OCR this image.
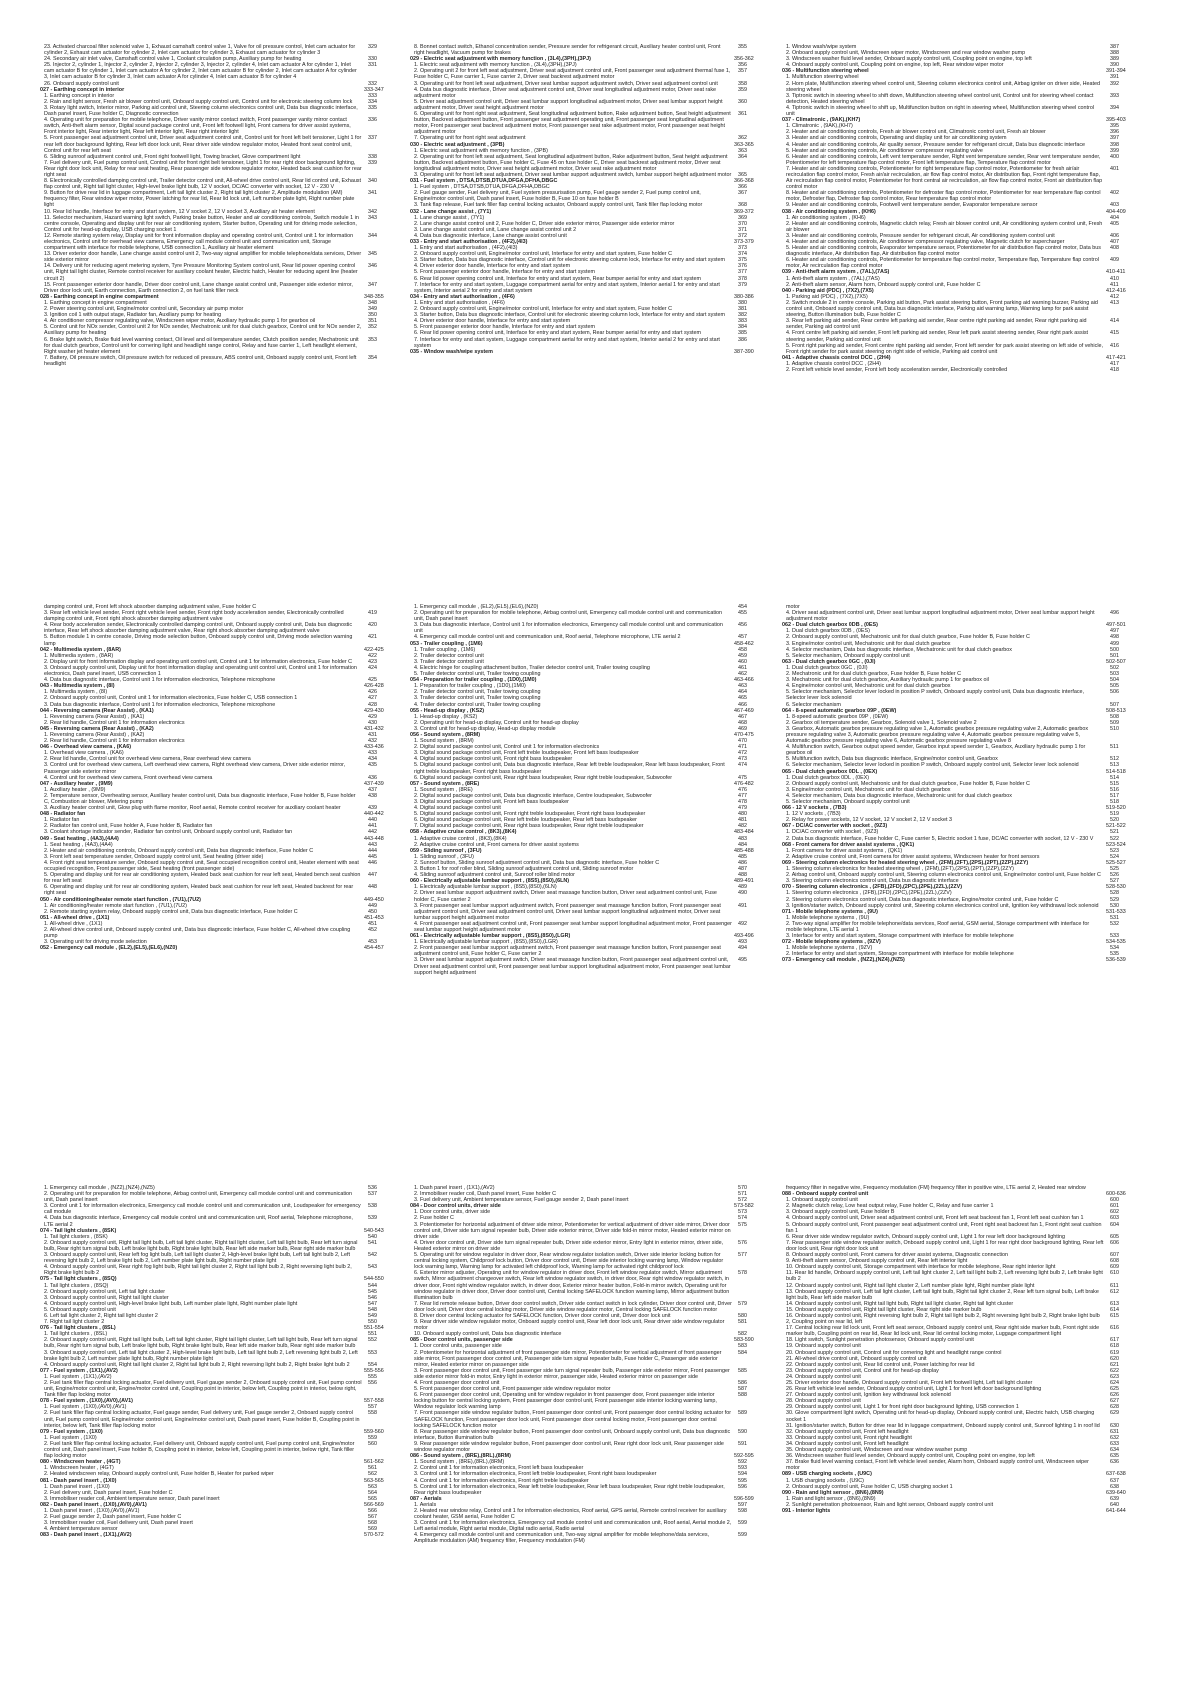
23. Activated charcoal filter solenoid valve 1, Exhaust camshaft control valve 1, Valve for oil pressure control, Inlet cam actuator for cylinder 2, Exhaust cam actuator for cylinder 2, Inlet cam actuator for cylinder 3, Exhaust cam actuator for cylinder 3
329
24. Secondary air inlet valve, Camshaft control valve 1, Coolant circulation pump, Auxiliary pump for heating	330
25. Injector 2, cylinder 1, Injector 2, cylinder 2, Injector 2, cylinder 3, Injector 2, cylinder 4, Inlet cam actuator A for cylinder 1, Inlet cam actuator B for cylinder 1, Inlet cam actuator A for cylinder 2, Inlet cam actuator B for cylinder 2, Inlet cam actuator A for cylinder 3, Inlet cam actuator B for cylinder 3, Inlet cam actuator A for cylinder 4, Inlet cam actuator B for cylinder 4
331
26. Onboard supply control unit	332
027 - Earthing concept in interior	333-347
1. Earthing concept in interior	333
2. Rain and light sensor, Fresh air blower control unit, Onboard supply control unit, Control unit for electronic steering column lock	334
3. Rotary light switch, Interior mirror, Parking aid control unit, Steering column electronics control unit, Data bus diagnostic interface, Dash panel insert, Fuse holder C, Diagnostic connection
335
4. Operating unit for preparation for mobile telephone, Driver vanity mirror contact switch, Front passenger vanity mirror contact switch, Anti-theft alarm sensor, Digital sound package control unit, Front left footwell light, Front camera for driver assist systems, Front interior light, Rear interior light, Rear left interior light, Rear right interior light
336
5. Front passenger seat adjustment control unit, Driver seat adjustment control unit, Control unit for front left belt tensioner, Light 1 for rear left door background lighting, Rear left door lock unit, Rear driver side window regulator motor, Heated front seat control unit, Control unit for rear left seat
337
6. Sliding sunroof adjustment control unit, Front right footwell light, Towing bracket, Glove compartment light	338
7. Fuel delivery unit, Fuel pump control unit, Control unit for front right belt tensioner, Light 1 for rear right door background lighting, Rear right door lock unit, Relay for rear seat heating, Rear passenger side window regulator motor, Heated back seat cushion for rear right seat
339
8. Electronically controlled damping control unit, Trailer detector control unit, All-wheel drive control unit, Rear lid control unit, Exhaust flap control unit, Right tail light cluster, High-level brake light bulb, 12 V socket, DC/AC converter with socket, 12 V - 230 V
340
9. Button for drive rear lid in luggage compartment, Left tail light cluster 2, Right tail light cluster 2, Amplitude modulation (AM) frequency filter, Rear window wiper motor, Power latching for rear lid, Rear lid lock unit, Left number plate light, Right number plate light
341
10. Rear lid handle, Interface for entry and start system, 12 V socket 2, 12 V socket 3, Auxiliary air heater element	342
11. Selector mechanism, Hazard warning light switch, Parking brake button, Heater and air conditioning controls, Switch module 1 in centre console, Operating and display unit for rear air conditioning system, Starter button, Operating unit for driving mode selection, Control unit for head-up display, USB charging socket 1
343
12. Remote starting system relay, Display unit for front information display and operating control unit, Control unit 1 for information electronics, Control unit for overhead view camera, Emergency call module control unit and communication unit, Storage compartment with interface for mobile telephone, USB connection 1, Auxiliary air heater element
344
13. Driver exterior door handle, Lane change assist control unit 2, Two-way signal amplifier for mobile telephone/data services, Driver side exterior mirror
345
14. Delivery unit for reducing agent metering system, Tyre Pressure Monitoring System control unit, Rear lid power opening control unit, Right tail light cluster, Remote control receiver for auxiliary coolant heater, Electric hatch, Heater for reducing agent line (heater circuit 2)
346
15. Front passenger exterior door handle, Driver door control unit, Lane change assist control unit, Passenger side exterior mirror, Driver door lock unit, Earth connection, Earth connection 2, on fuel tank filler neck
347
028 - Earthing concept in engine compartment	348-355
1. Earthing concept in engine compartment	348
2. Power steering control unit, Engine/motor control unit, Secondary air pump motor	349
3. Ignition coil 1 with output stage, Radiator fan, Auxiliary pump for heating	350
4. Air conditioner compressor regulating valve, Windscreen wiper motor, Auxiliary hydraulic pump 1 for gearbox oil	351
5. Control unit for NOx sender, Control unit 2 for NOx sender, Mechatronic unit for dual clutch gearbox, Control unit for NOx sender 2, Auxiliary pump for heating
352
6. Brake light switch, Brake fluid level warning contact, Oil level and oil temperature sender, Clutch position sender, Mechatronic unit for dual clutch gearbox, Control unit for cornering light and headlight range control, Relay and fuse carrier 1, Left headlight element, Right washer jet heater element
353
7. Battery, Oil pressure switch, Oil pressure switch for reduced oil pressure, ABS control unit, Onboard supply control unit, Front left headlight
354
8. Bonnet contact switch, Ethanol concentration sender, Pressure sender for refrigerant circuit, Auxiliary heater control unit, Front right headlight, Vacuum pump for brakes
355
029 - Electric seat adjustment with memory function , (3L4),(3PH),(3PJ)	356-362
1. Electric seat adjustment with memory function , (3L4),(3PH),(3PJ)	356
2. Operating unit 2 for front left seat adjustment, Driver seat adjustment control unit, Front passenger seat adjustment thermal fuse 1, Fuse holder C, Fuse carrier 1, Fuse carrier 2, Driver seat backrest adjustment motor
357
3. Operating unit for front left seat adjustment, Driver seat lumbar support adjustment switch, Driver seat adjustment control unit	358
4. Data bus diagnostic interface, Driver seat adjustment control unit, Driver seat longitudinal adjustment motor, Driver seat rake adjustment motor
359
5. Driver seat adjustment control unit, Driver seat lumbar support longitudinal adjustment motor, Driver seat lumbar support height adjustment motor, Driver seat height adjustment motor
360
6. Operating unit for front right seat adjustment, Seat longitudinal adjustment button, Rake adjustment button, Seat height adjustment button, Backrest adjustment button, Front passenger seat adjustment operating unit, Front passenger seat longitudinal adjustment motor, Front passenger seat backrest adjustment motor, Front passenger seat rake adjustment motor, Front passenger seat height adjustment motor
361
7. Operating unit for front right seat adjustment	362
030 - Electric seat adjustment , (3PB)	363-365
1. Electric seat adjustment with memory function , (3PB)	363
2. Operating unit for front left seat adjustment, Seat longitudinal adjustment button, Rake adjustment button, Seat height adjustment button, Backrest adjustment button, Fuse holder C, Fuse 45 on fuse holder C, Driver seat backrest adjustment motor, Driver seat longitudinal adjustment motor, Driver seat height adjustment motor, Driver seat rake adjustment motor
364
3. Operating unit for front left seat adjustment, Driver seat lumbar support adjustment switch, lumbar support height adjustment motor	365
031 - Fuel system , DTSA,DTSB,DTUA,DFGA,DFHA,DBGC	366-368
1. Fuel system , DTSA,DTSB,DTUA,DFGA,DFHA,DBGC	366
2. Fuel gauge sender, Fuel delivery unit, Fuel system pressurisation pump, Fuel gauge sender 2, Fuel pump control unit, Engine/motor control unit, Dash panel insert, Fuse holder B, Fuse 10 on fuse holder B
367
3. Tank flap release, Fuel tank filler flap central locking actuator, Onboard supply control unit, Tank filler flap locking motor	368
032 - Lane change assist , (7Y1)	369-372
1. Lane change assist , (7Y1)	369
2. Lane change assist control unit 2, Fuse holder C, Driver side exterior mirror, Passenger side exterior mirror	370
3. Lane change assist control unit, Lane change assist control unit 2	371
4. Data bus diagnostic interface, Lane change assist control unit	372
033 - Entry and start authorisation , (4F2),(4I3)	373-379
1. Entry and start authorisation , (4F2),(4I3)	373
2. Onboard supply control unit, Engine/motor control unit, Interface for entry and start system, Fuse holder C	374
3. Starter button, Data bus diagnostic interface, Control unit for electronic steering column lock, Interface for entry and start system	375
4. Driver exterior door handle, Interface for entry and start system	376
5. Front passenger exterior door handle, Interface for entry and start system	377
6. Rear lid power opening control unit, Interface for entry and start system, Rear bumper aerial for entry and start system	378
7. Interface for entry and start system, Luggage compartment aerial for entry and start system, Interior aerial 1 for entry and start system, Interior aerial 2 for entry and start system
379
034 - Entry and start authorisation , (4F6)	380-386
1. Entry and start authorisation , (4F6)	380
2. Onboard supply control unit, Engine/motor control unit, Interface for entry and start system, Fuse holder C	381
3. Starter button, Data bus diagnostic interface, Control unit for electronic steering column lock, Interface for entry and start system	382
4. Driver exterior door handle, Interface for entry and start system	383
5. Front passenger exterior door handle, Interface for entry and start system	384
6. Rear lid power opening control unit, Interface for entry and start system, Rear bumper aerial for entry and start system	385
7. Interface for entry and start system, Luggage compartment aerial for entry and start system, Interior aerial 2 for entry and start system
386
035 - Window wash/wipe system	387-390
1. Window wash/wipe system	387
2. Onboard supply control unit, Windscreen wiper motor, Windscreen and rear window washer pump	388
3. Windscreen washer fluid level sender, Onboard supply control unit, Coupling point on engine, top left	389
4. Onboard supply control unit, Coupling point on engine, top left, Rear window wiper motor	390
036 - Multifunction steering wheel	391-394
1. Multifunction steering wheel	391
2. Horn plate, Multifunction steering wheel control unit, Steering column electronics control unit, Airbag igniter on driver side, Heated steering wheel
392
3. Tiptronic switch in steering wheel to shift down, Multifunction steering wheel control unit, Control unit for steering wheel contact detection, Heated steering wheel
393
4. Tiptronic switch in steering wheel to shift up, Multifunction button on right in steering wheel, Multifunction steering wheel control unit
394
037 - Climatronic , (9AK),(KH7)	395-403
1. Climatronic , (9AK),(KH7)	395
2. Heater and air conditioning controls, Fresh air blower control unit, Climatronic control unit, Fresh air blower	396
3. Heater and air conditioning controls, Operating and display unit for air conditioning system	397
4. Heater and air conditioning controls, Air quality sensor, Pressure sender for refrigerant circuit, Data bus diagnostic interface	398
5. Heater and air conditioning controls, Air conditioner compressor regulating valve	399
6. Heater and air conditioning controls, Left vent temperature sender, Right vent temperature sender, Rear vent temperature sender, Potentiometer for left temperature flap control motor, Front left temperature flap, Temperature flap control motor
400
7. Heater and air conditioning controls, Potentiometer for right temperature flap control motor, Potentiometer for fresh air/air recirculation flap control motor, Fresh air/air recirculation, air flow flap control motor, Air distribution flap, Front right temperature flap, Air recirculation flap control motor, Potentiometer for front central air recirculation, air flow flap control motor, Front air distribution flap control motor
401
8. Heater and air conditioning controls, Potentiometer for defroster flap control motor, Potentiometer for rear temperature flap control motor, Defroster flap, Defroster flap control motor, Rear temperature flap control motor
402
9. Heater and air conditioning controls, Footwell vent temperature sender, Evaporator temperature sensor	403
038 - Air conditioning system , (KH6)	404-409
1. Air conditioning system , (KH6)	404
2. Heater and air conditioning controls, Magnetic clutch relay, Fresh air blower control unit, Air conditioning system control unit, Fresh air blower
405
3. Heater and air conditioning controls, Pressure sender for refrigerant circuit, Air conditioning system control unit	406
4. Heater and air conditioning controls, Air conditioner compressor regulating valve, Magnetic clutch for supercharger	407
5. Heater and air conditioning controls, Evaporator temperature sensor, Potentiometer for air distribution flap control motor, Data bus diagnostic interface, Air distribution flap, Air distribution flap control motor
408
6. Heater and air conditioning controls, Potentiometer for temperature flap control motor, Temperature flap, Temperature flap control motor, Air recirculation flap control motor
409
039 - Anti-theft alarm system , (7AL),(7AS)	410-411
1. Anti-theft alarm system , (7AL),(7AS)	410
2. Anti-theft alarm sensor, Alarm horn, Onboard supply control unit, Fuse holder C	411
040 - Parking aid (PDC) , (7X2),(7X5)	412-416
1. Parking aid (PDC) , (7X2),(7X5)	412
2. Switch module 2 in centre console, Parking aid button, Park assist steering button, Front parking aid warning buzzer, Parking aid control unit, Onboard supply control unit, Data bus diagnostic interface, Parking aid warning lamp, Warning lamp for park assist steering, Button illumination bulb, Fuse holder C
413
3. Rear left parking aid sender, Rear centre left parking aid sender, Rear centre right parking aid sender, Rear right parking aid sender, Parking aid control unit
414
4. Front centre left parking aid sender, Front left parking aid sender, Rear left park assist steering sender, Rear right park assist steering sender, Parking aid control unit
415
5. Front right parking aid sender, Front centre right parking aid sender, Front left sender for park assist steering on left side of vehicle, Front right sender for park assist steering on right side of vehicle, Parking aid control unit
416
041 - Adaptive chassis control DCC , (2H4)	417-421
1. Adaptive chassis control DCC , (2H4)	417
2. Front left vehicle level sender, Front left body acceleration sender, Electronically controlled	418
damping control unit, Front left shock absorber damping adjustment valve, Fuse holder C
3. Rear left vehicle level sender, Front right vehicle level sender, Front right body acceleration sender, Electronically controlled damping control unit, Front right shock absorber damping adjustment valve
419
4. Rear body acceleration sender, Electronically controlled damping control unit, Onboard supply control unit, Data bus diagnostic interface, Rear left shock absorber damping adjustment valve, Rear right shock absorber damping adjustment valve
420
5. Button module 1 in centre console, Driving mode selection button, Onboard supply control unit, Driving mode selection warning lamp
421
042 - Multimedia system , (8AR)	422-425
1. Multimedia system , (8AR)	422
2. Display unit for front information display and operating unit control unit, Control unit 1 for information electronics, Fuse holder C	423
3. Onboard supply control unit, Display unit for front information display and operating unit control unit, Control unit 1 for information electronics, Dash panel insert, USB connection 1
424
4. Data bus diagnostic interface, Control unit 1 for information electronics, Telephone microphone	425
043 - Multimedia system , (8I)	426-428
1. Multimedia system , (8I)	426
2. Onboard supply control unit, Control unit 1 for information electronics, Fuse holder C, USB connection 1	427
3. Data bus diagnostic interface, Control unit 1 for information electronics, Telephone microphone	428
044 - Reversing camera (Rear Assist) , (KA1)	429-430
1. Reversing camera (Rear Assist) , (KA1)	429
2. Rear lid handle, Control unit 1 for information electronics	430
045 - Reversing camera (Rear Assist) , (KA2)	431-432
1. Reversing camera (Rear Assist) , (KA2)	431
2. Rear lid handle, Control unit 1 for information electronics	432
046 - Overhead view camera , (KA6)	433-436
1. Overhead view camera , (KA6)	433
2. Rear lid handle, Control unit for overhead view camera, Rear overhead view camera	434
3. Control unit for overhead view camera, Left overhead view camera, Right overhead view camera, Driver side exterior mirror, Passenger side exterior mirror
435
4. Control unit for overhead view camera, Front overhead view camera	436
047 - Auxiliary heater , (9M9)	437-439
1. Auxiliary heater , (9M9)	437
2. Temperature sensor, Overheating sensor, Auxiliary heater control unit, Data bus diagnostic interface, Fuse holder B, Fuse holder C, Combustion air blower, Metering pump
438
3. Auxiliary heater control unit, Glow plug with flame monitor, Roof aerial, Remote control receiver for auxiliary coolant heater	439
048 - Radiator fan	440-442
1. Radiator fan	440
2. Radiator fan control unit, Fuse holder A, Fuse holder B, Radiator fan	441
3. Coolant shortage indicator sender, Radiator fan control unit, Onboard supply control unit, Radiator fan	442
049 - Seat heating , (4A3),(4A4)	443-448
1. Seat heating , (4A3),(4A4)	443
2. Heater and air conditioning controls, Onboard supply control unit, Data bus diagnostic interface, Fuse holder C	444
3. Front left seat temperature sender, Onboard supply control unit, Seat heating (driver side)	445
4. Front right seat temperature sender, Onboard supply control unit, Seat occupied recognition control unit, Heater element with seat occupied recognition, Front passenger side, Seat heating (front passenger side)
446
5. Operating and display unit for rear air conditioning system, Heated back seat cushion for rear left seat, Heated bench seat cushion for rear left seat
447
6. Operating and display unit for rear air conditioning system, Heated back seat cushion for rear left seat, Heated backrest for rear right seat
448
050 - Air conditioning/heater remote start function , (7U1),(7U2)	449-450
1. Air conditioning/heater remote start function , (7U1),(7U2)	449
2. Remote starting system relay, Onboard supply control unit, Data bus diagnostic interface, Fuse holder C	450
051 - All-wheel drive , (1X1)	451-453
1. All-wheel drive , (1X1)	451
2. All-wheel drive control unit, Onboard supply control unit, Data bus diagnostic interface, Fuse holder C, All-wheel drive coupling pump
452
3. Operating unit for driving mode selection	453
052 - Emergency call module , (EL2),(EL5),(EL6),(NZ0)	454-457
1. Emergency call module , (EL2),(EL5),(EL6),(NZ0)	454
2. Operating unit for preparation for mobile telephone, Airbag control unit, Emergency call module control unit and communication unit, Dash panel insert
455
3. Data bus diagnostic interface, Control unit 1 for information electronics, Emergency call module control unit and communication unit
456
4. Emergency call module control unit and communication unit, Roof aerial, Telephone microphone, LTE aerial 2	457
053 - Trailer coupling , (1M6)	458-462
1. Trailer coupling , (1M6)	458
2. Trailer detector control unit	459
3. Trailer detector control unit	460
4. Electric hinge for coupling attachment button, Trailer detector control unit, Trailer towing coupling	461
5. Trailer detector control unit, Trailer towing coupling	462
054 - Preparation for trailer coupling , (1D0),(1M0)	463-466
1. Preparation for trailer coupling , (1D0),(1M0)	463
2. Trailer detector control unit, Trailer towing coupling	464
3. Trailer detector control unit, Trailer towing coupling	465
4. Trailer detector control unit, Trailer towing coupling	466
055 - Head-up display , (KS2)	467-469
1. Head-up display , (KS2)	467
2. Operating unit for head-up display, Control unit for head-up display	468
3. Control unit for head-up display, Head-up display module	469
056 - Sound system , (8RM)	470-475
1. Sound system , (8RM)	470
2. Digital sound package control unit, Control unit 1 for information electronics	471
3. Digital sound package control unit, Front left treble loudspeaker, Front left bass loudspeaker	472
4. Digital sound package control unit, Front right bass loudspeaker	473
5. Digital sound package control unit, Data bus diagnostic interface, Rear left treble loudspeaker, Rear left bass loudspeaker, Front right treble loudspeaker, Front right bass loudspeaker
474
6. Digital sound package control unit, Rear right bass loudspeaker, Rear right treble loudspeaker, Subwoofer	475
057 - Sound system , (8RE)	476-482
1. Sound system , (8RE)	476
2. Digital sound package control unit, Data bus diagnostic interface, Centre loudspeaker, Subwoofer	477
3. Digital sound package control unit, Front left bass loudspeaker	478
4. Digital sound package control unit	479
5. Digital sound package control unit, Front right treble loudspeaker, Front right bass loudspeaker	480
6. Digital sound package control unit, Rear left treble loudspeaker, Rear left bass loudspeaker	481
7. Digital sound package control unit, Rear right bass loudspeaker, Rear right treble loudspeaker	482
058 - Adaptive cruise control , (8K3),(8K4)	483-484
1. Adaptive cruise control , (8K3),(8K4)	483
2. Adaptive cruise control unit, Front camera for driver assist systems	484
059 - Sliding sunroof , (3FU)	485-488
1. Sliding sunroof , (3FU)	485
2. Sunroof button, Sliding sunroof adjustment control unit, Data bus diagnostic interface, Fuse holder C	486
3. Button 1 for roof roller blind, Sliding sunroof adjustment control unit, Sliding sunroof motor	487
4. Sliding sunroof adjustment control unit, Sunroof roller blind motor	488
060 - Electrically adjustable lumbar support , (8S5),(8S0),(6LN)	489-491
1. Electrically adjustable lumbar support , (8S5),(8S0),(6LN)	489
2. Driver seat lumbar support adjustment switch, Driver seat massage function button, Driver seat adjustment control unit, Fuse holder C, Fuse carrier 2
490
3. Front passenger seat lumbar support adjustment switch, Front passenger seat massage function button, Front passenger seat adjustment control unit, Driver seat adjustment control unit, Driver seat lumbar support longitudinal adjustment motor, Driver seat lumbar support height adjustment motor
491
4. Front passenger seat adjustment control unit, Front passenger seat lumbar support longitudinal adjustment motor, Front passenger seat lumbar support height adjustment motor
492
061 - Electrically adjustable lumbar support , (8S5),(8S0),(LGR)	493-496
1. Electrically adjustable lumbar support , (8S5),(8S0),(LGR)	493
2. Front passenger seat lumbar support adjustment switch, Front passenger seat massage function button, Front passenger seat adjustment control unit, Fuse holder C, Fuse carrier 2
494
3. Driver seat lumbar support adjustment switch, Driver seat massage function button, Front passenger seat adjustment control unit, Driver seat adjustment control unit, Front passenger seat lumbar support longitudinal adjustment motor, Front passenger seat lumbar support height adjustment
495
motor
4. Driver seat adjustment control unit, Driver seat lumbar support longitudinal adjustment motor, Driver seat lumbar support height adjustment motor
496
062 - Dual clutch gearbox 0DB , (0ES)	497-501
1. Dual clutch gearbox 0DB , (0ES)	497
2. Onboard supply control unit, Mechatronic unit for dual clutch gearbox, Fuse holder B, Fuse holder C	498
3. Engine/motor control unit, Mechatronic unit for dual clutch gearbox	499
4. Selector mechanism, Data bus diagnostic interface, Mechatronic unit for dual clutch gearbox	500
5. Selector mechanism, Onboard supply control unit	501
063 - Dual clutch gearbox 0GC , (0JI)	502-507
1. Dual clutch gearbox 0GC , (0JI)	502
2. Mechatronic unit for dual clutch gearbox, Fuse holder B, Fuse holder C	503
3. Mechatronic unit for dual clutch gearbox, Auxiliary hydraulic pump 1 for gearbox oil	504
4. Engine/motor control unit, Mechatronic unit for dual clutch gearbox	505
5. Selector mechanism, Selector lever locked in position P switch, Onboard supply control unit, Data bus diagnostic interface, Selector lever lock solenoid
506
6. Selector mechanism	507
064 - 8-speed automatic gearbox 09P , (0EW)	508-513
1. 8-speed automatic gearbox 09P , (0EW)	508
2. Gearbox oil temperature sender, Gearbox, Solenoid valve 1, Solenoid valve 2	509
3. Gearbox, Automatic gearbox pressure regulating valve 1, Automatic gearbox pressure regulating valve 2, Automatic gearbox pressure regulating valve 3, Automatic gearbox pressure regulating valve 4, Automatic gearbox pressure regulating valve 5, Automatic gearbox pressure regulating valve 6, Automatic gearbox pressure regulating valve 8
510
4. Multifunction switch, Gearbox output speed sender, Gearbox input speed sender 1, Gearbox, Auxiliary hydraulic pump 1 for gearbox oil
511
5. Multifunction switch, Data bus diagnostic interface, Engine/motor control unit, Gearbox	512
6. Selector mechanism, Selector lever locked in position P switch, Onboard supply control unit, Selector lever lock solenoid	513
065 - Dual clutch gearbox 0DL , (0EX)	514-518
1. Dual clutch gearbox 0DL , (0EX)	514
2. Onboard supply control unit, Mechatronic unit for dual clutch gearbox, Fuse holder B, Fuse holder C	515
3. Engine/motor control unit, Mechatronic unit for dual clutch gearbox	516
4. Selector mechanism, Data bus diagnostic interface, Mechatronic unit for dual clutch gearbox	517
5. Selector mechanism, Onboard supply control unit	518
066 - 12 V sockets , (7B3)	519-520
1. 12 V sockets , (7B3)	519
2. Relay for power sockets, 12 V socket, 12 V socket 2, 12 V socket 3	520
067 - DC/AC converter with socket , (9Z3)	521-522
1. DC/AC converter with socket , (9Z3)	521
2. Data bus diagnostic interface, Fuse holder C, Fuse carrier 5, Electric socket 1 fuse, DC/AC converter with socket, 12 V - 230 V	522
068 - Front camera for driver assist systems , (QK1)	523-524
1. Front camera for driver assist systems , (QK1)	523
2. Adaptive cruise control unit, Front camera for driver assist systems, Windscreen heater for front sensors	524
069 - Steering column electronics for heated steering wheel , (2FM),(2FT),(2PS),(2PT),(2ZP),(2ZY)	525-527
1. Steering column electronics for heated steering wheel , (2FM),(2FT),(2PS),(2PT),(2ZP),(2ZY)	525
2. Airbag control unit, Onboard supply control unit, Steering column electronics control unit, Engine/motor control unit, Fuse holder C	526
3. Steering column electronics control unit, Data bus diagnostic interface	527
070 - Steering column electronics , (2FB),(2FD),(2PC),(2PE),(2ZL),(2ZV)	528-530
1. Steering column electronics , (2FB),(2FD),(2PC),(2PE),(2ZL),(2ZV)	528
2. Steering column electronics control unit, Data bus diagnostic interface, Engine/motor control unit, Fuse holder C	529
3. Ignition/starter switch, Onboard supply control unit, Steering column electronics control unit, Ignition key withdrawal lock solenoid	530
071 - Mobile telephone systems , (9U)	531-533
1. Mobile telephone systems , (9U)	531
2. Two-way signal amplifier for mobile telephone/data services, Roof aerial, GSM aerial, Storage compartment with interface for mobile telephone, LTE aerial 1
532
3. Interface for entry and start system, Storage compartment with interface for mobile telephone	533
072 - Mobile telephone systems , (9ZV)	534-535
1. Mobile telephone systems , (9ZV)	534
2. Interface for entry and start system, Storage compartment with interface for mobile telephone	535
073 - Emergency call module , (NZ2),(NZ4),(NZ5)	536-539
1. Emergency call module , (NZ2),(NZ4),(NZ5)	536
2. Operating unit for preparation for mobile telephone, Airbag control unit, Emergency call module control unit and communication unit, Dash panel insert
537
3. Control unit 1 for information electronics, Emergency call module control unit and communication unit, Loudspeaker for emergency call module
538
4. Data bus diagnostic interface, Emergency call module control unit and communication unit, Roof aerial, Telephone microphone, LTE aerial 2
539
074 - Tail light clusters , (8SK)	540-543
1. Tail light clusters , (8SK)	540
2. Onboard supply control unit, Right tail light bulb, Left tail light cluster, Right tail light cluster, Left tail light bulb, Rear left turn signal bulb, Rear right turn signal bulb, Left brake light bulb, Right brake light bulb, Rear left side marker bulb, Rear right side marker bulb
541
3. Onboard supply control unit, Rear left fog light bulb, Left tail light cluster 2, High-level brake light bulb, Left tail light bulb 2, Left reversing light bulb 2, Left brake light bulb 2, Left number plate light bulb, Right number plate light
542
4. Onboard supply control unit, Rear right fog light bulb, Right tail light cluster 2, Right tail light bulb 2, Right reversing light bulb 2, Right brake light bulb 2
543
075 - Tail light clusters , (8SQ)	544-550
1. Tail light clusters , (8SQ)	544
2. Onboard supply control unit, Left tail light cluster	545
3. Onboard supply control unit, Right tail light cluster	546
4. Onboard supply control unit, High-level brake light bulb, Left number plate light, Right number plate light	547
5. Onboard supply control unit	548
6. Left tail light cluster 2, Right tail light cluster 2	549
7. Right tail light cluster 2	550
076 - Tail light clusters , (8SL)	551-554
1. Tail light clusters , (8SL)	551
2. Onboard supply control unit, Right tail light bulb, Left tail light cluster, Right tail light cluster, Left tail light bulb, Rear left turn signal bulb, Rear right turn signal bulb, Left brake light bulb, Right brake light bulb, Rear left side marker bulb, Rear right side marker bulb
552
3. Onboard supply control unit, Left tail light cluster 2, High-level brake light bulb, Left tail light bulb 2, Left reversing light bulb 2, Left brake light bulb 2, Left number plate light bulb, Right number plate light
553
4. Onboard supply control unit, Right tail light cluster 2, Right tail light bulb 2, Right reversing light bulb 2, Right brake light bulb 2	554
077 - Fuel system , (1X1),(AV2)	555-556
1. Fuel system , (1X1),(AV2)	555
2. Fuel tank filler flap central locking actuator, Fuel delivery unit, Fuel gauge sender 2, Onboard supply control unit, Fuel pump control unit, Engine/motor control unit, Engine/motor control unit, Coupling point in interior, below left, Coupling point in interior, below right, Tank filler flap locking motor
556
078 - Fuel system , (1X0),(AV0),(AV1)	557-558
1. Fuel system , (1X0),(AV0),(AV1)	557
2. Fuel tank filler flap central locking actuator, Fuel gauge sender, Fuel delivery unit, Fuel gauge sender 2, Onboard supply control unit, Fuel pump control unit, Engine/motor control unit, Engine/motor control unit, Dash panel insert, Fuse holder B, Coupling point in interior, below left, Tank filler flap locking motor
558
079 - Fuel system , (1X0)	559-560
1. Fuel system , (1X0)	559
2. Fuel tank filler flap central locking actuator, Fuel delivery unit, Onboard supply control unit, Fuel pump control unit, Engine/motor control unit, Dash panel insert, Fuse holder B, Coupling point in interior, below left, Coupling point in interior, below right, Tank filler flap locking motor
560
080 - Windscreen heater , (4GT)	561-562
1. Windscreen heater , (4GT)	561
2. Heated windscreen relay, Onboard supply control unit, Fuse holder B, Heater for parked wiper	562
081 - Dash panel insert , (1X0)	563-565
1. Dash panel insert , (1X0)	563
2. Fuel delivery unit, Dash panel insert, Fuse holder C	564
3. Immobiliser reader coil, Ambient temperature sensor, Dash panel insert	565
082 - Dash panel insert , (1X0),(AV0),(AV1)	566-569
1. Dash panel insert , (1X0),(AV0),(AV1)	566
2. Fuel gauge sender 2, Dash panel insert, Fuse holder C	567
3. Immobiliser reader coil, Fuel delivery unit, Dash panel insert	568
4. Ambient temperature sensor	569
083 - Dash panel insert , (1X1),(AV2)	570-572
1. Dash panel insert , (1X1),(AV2)	570
2. Immobiliser reader coil, Dash panel insert, Fuse holder C	571
3. Fuel delivery unit, Ambient temperature sensor, Fuel gauge sender 2, Dash panel insert	572
084 - Door control units, driver side	573-582
1. Door control units, driver side	573
2. Fuse holder C	574
3. Potentiometer for horizontal adjustment of driver side mirror, Potentiometer for vertical adjustment of driver side mirror, Driver door control unit, Driver side turn signal repeater bulb, Driver side exterior mirror, Driver side fold-in mirror motor, Heated exterior mirror on driver side
575
4. Driver door control unit, Driver side turn signal repeater bulb, Driver side exterior mirror, Entry light in exterior mirror, driver side, Heated exterior mirror on driver side
576
5. Operating unit for window regulator in driver door, Rear window regulator isolation switch, Driver side interior locking button for central locking system, Childproof lock button, Driver door control unit, Driver side interior locking warning lamp, Window regulator lock warning lamp, Warning lamp for activated left childproof lock, Warning lamp for activated right childproof lock
577
6. Exterior mirror adjuster, Operating unit for window regulator in driver door, Front left window regulator switch, Mirror adjustment switch, Mirror adjustment changeover switch, Rear left window regulator switch, in driver door, Rear right window regulator switch, in driver door, Front right window regulator switch, in driver door, Exterior mirror heater button, Fold-in mirror switch, Operating unit for window regulator in driver door, Driver door control unit, Central locking SAFELOCK function warning lamp, Mirror adjustment button illumination bulb
578
7. Rear lid remote release button, Driver door control switch, Driver side contact switch in lock cylinder, Driver door control unit, Driver door lock unit, Driver door central locking motor, Driver side window regulator motor, Central locking SAFELOCK function motor
579
8. Driver door central locking actuator for SAFELOCK function, Driver door control unit, Driver door lock unit	580
9. Rear driver side window regulator motor, Onboard supply control unit, Rear left door lock unit, Rear driver side window regulator motor
581
10. Onboard supply control unit, Data bus diagnostic interface	582
085 - Door control units, passenger side	583-590
1. Door control units, passenger side	583
2. Potentiometer for horizontal adjustment of front passenger side mirror, Potentiometer for vertical adjustment of front passenger side mirror, Front passenger door control unit, Passenger side turn signal repeater bulb, Fuse holder C, Passenger side exterior mirror, Heated exterior mirror on passenger side
584
3. Front passenger door control unit, Front passenger side turn signal repeater bulb, Passenger side exterior mirror, Front passenger side exterior mirror fold-in motor, Entry light in exterior mirror, passenger side, Heated exterior mirror on passenger side
585
4. Front passenger door control unit	586
5. Front passenger door control unit, Front passenger side window regulator motor	587
6. Front passenger door control unit, Operating unit for window regulator in front passenger door, Front passenger side interior locking button for central locking system, Front passenger door control unit, Front passenger side interior locking warning lamp, Window regulator lock warning lamp
588
7. Front passenger side window regulator button, Front passenger door control unit, Front passenger door central locking actuator for SAFELOCK function, Front passenger door lock unit, Front passenger door central locking motor, Front passenger door central locking SAFELOCK function motor
589
8. Rear passenger side window regulator button, Front passenger door control unit, Onboard supply control unit, Data bus diagnostic interface, Button illumination bulb
590
9. Rear passenger side window regulator button, Front passenger door control unit, Rear right door lock unit, Rear passenger side window regulator motor
591
086 - Sound system , (8RE),(8RL),(8RM)	592-595
1. Sound system , (8RE),(8RL),(8RM)	592
2. Control unit 1 for information electronics, Front left bass loudspeaker	593
3. Control unit 1 for information electronics, Front left treble loudspeaker, Front right bass loudspeaker	594
4. Control unit 1 for information electronics, Front right treble loudspeaker	595
5. Control unit 1 for information electronics, Rear left treble loudspeaker, Rear left bass loudspeaker, Rear right treble loudspeaker, Rear right bass loudspeaker
596
087 - Aerials	596-599
1. Aerials	597
2. Heated rear window relay, Control unit 1 for information electronics, Roof aerial, GPS aerial, Remote control receiver for auxiliary coolant heater, GSM aerial, Fuse holder C
598
3. Control unit 1 for information electronics, Emergency call module control unit and communication unit, Roof aerial, Aerial module 2, Left aerial module, Right aerial module, Digital radio aerial, Radio aerial
599
4. Emergency call module control unit and communication unit, Two-way signal amplifier for mobile telephone/data services, Amplitude modulation (AM) frequency filter, Frequency modulation (FM)
599
frequency filter in negative wire, Frequency modulation (FM) frequency filter in positive wire, LTE aerial 2, Heated rear window
088 - Onboard supply control unit	600-636
1. Onboard supply control unit	600
2. Magnetic clutch relay, Low heat output relay, Fuse holder C, Relay and fuse carrier 1	601
3. Onboard supply control unit, Fuse holder B	602
4. Onboard supply control unit, Driver seat adjustment control unit, Front left seat backrest fan 1, Front left seat cushion fan 1	603
5. Onboard supply control unit, Front passenger seat adjustment control unit, Front right seat backrest fan 1, Front right seat cushion fan 1
604
6. Rear driver side window regulator switch, Onboard supply control unit, Light 1 for rear left door background lighting	605
7. Rear passenger side window regulator switch, Onboard supply control unit, Light 1 for rear right door background lighting, Rear left door lock unit, Rear right door lock unit
606
8. Onboard supply control unit, Front camera for driver assist systems, Diagnostic connection	607
9. Anti-theft alarm sensor, Onboard supply control unit, Rear left interior light	608
10. Onboard supply control unit, Storage compartment with interface for mobile telephone, Rear right interior light	609
11. Rear lid handle, Onboard supply control unit, Left tail light cluster 2, Left tail light bulb 2, Left reversing light bulb 2, Left brake light bulb 2
610
12. Onboard supply control unit, Right tail light cluster 2, Left number plate light, Right number plate light	611
13. Onboard supply control unit, Left tail light cluster, Left tail light bulb, Right tail light cluster 2, Rear left turn signal bulb, Left brake light bulb, Rear left side marker bulb
612
14. Onboard supply control unit, Right tail light bulb, Right tail light cluster, Right tail light cluster	613
15. Onboard supply control unit, Right tail light cluster, Rear right side marker bulb	614
16. Onboard supply control unit, Right reversing light bulb 2, Right tail light bulb 2, Right reversing light bulb 2, Right brake light bulb 2, Coupling point on rear lid, left
615
17. Central locking rear lid lock unit, Front left seat sensor, Onboard supply control unit, Rear right side marker bulb, Front right side marker bulb, Coupling point on rear lid, Rear lid lock unit, Rear lid central locking motor, Luggage compartment light
616
18. Light switch, Sunlight penetration photosensor, Onboard supply control unit	617
19. Onboard supply control unit	618
20. Onboard supply control unit, Control unit for cornering light and headlight range control	619
21. All-wheel drive control unit, Onboard supply control unit	620
22. Onboard supply control unit, Rear lid control unit, Power latching for rear lid	621
23. Onboard supply control unit, Control unit for head-up display	622
24. Onboard supply control unit	623
25. Driver exterior door handle, Onboard supply control unit, Front left footwell light, Left tail light cluster	624
26. Rear left vehicle level sender, Onboard supply control unit, Light 1 for front left door background lighting	625
27. Onboard supply control unit, Ignition key withdrawal lock solenoid	626
28. Onboard supply control unit	627
29. Onboard supply control unit, Light 1 for front right door background lighting, USB connection 1	628
30. Glove compartment light switch, Operating unit for head-up display, Onboard supply control unit, Electric hatch, USB charging socket 1
629
31. Ignition/starter switch, Button for drive rear lid in luggage compartment, Onboard supply control unit, Sunroof lighting 1 in roof lid	630
32. Onboard supply control unit, Front left headlight	631
33. Onboard supply control unit, Front right headlight	632
34. Onboard supply control unit, Front left headlight	633
35. Onboard supply control unit, Windscreen and rear window washer pump	634
36. Windscreen washer fluid level sender, Onboard supply control unit, Coupling point on engine, top left	635
37. Brake fluid level warning contact, Front left vehicle level sender, Alarm horn, Onboard supply control unit, Windscreen wiper motor
636
089 - USB charging sockets , (U9C)	637-638
1. USB charging sockets , (U9C)	637
2. Onboard supply control unit, Fuse holder C, USB charging socket 1	638
090 - Rain and light sensor , (8N6),(8N9)	639-640
1. Rain and light sensor , (8N6),(8N9)	639
2. Sunlight penetration photosensor, Rain and light sensor, Onboard supply control unit	640
091 - Interior lights	641-644
